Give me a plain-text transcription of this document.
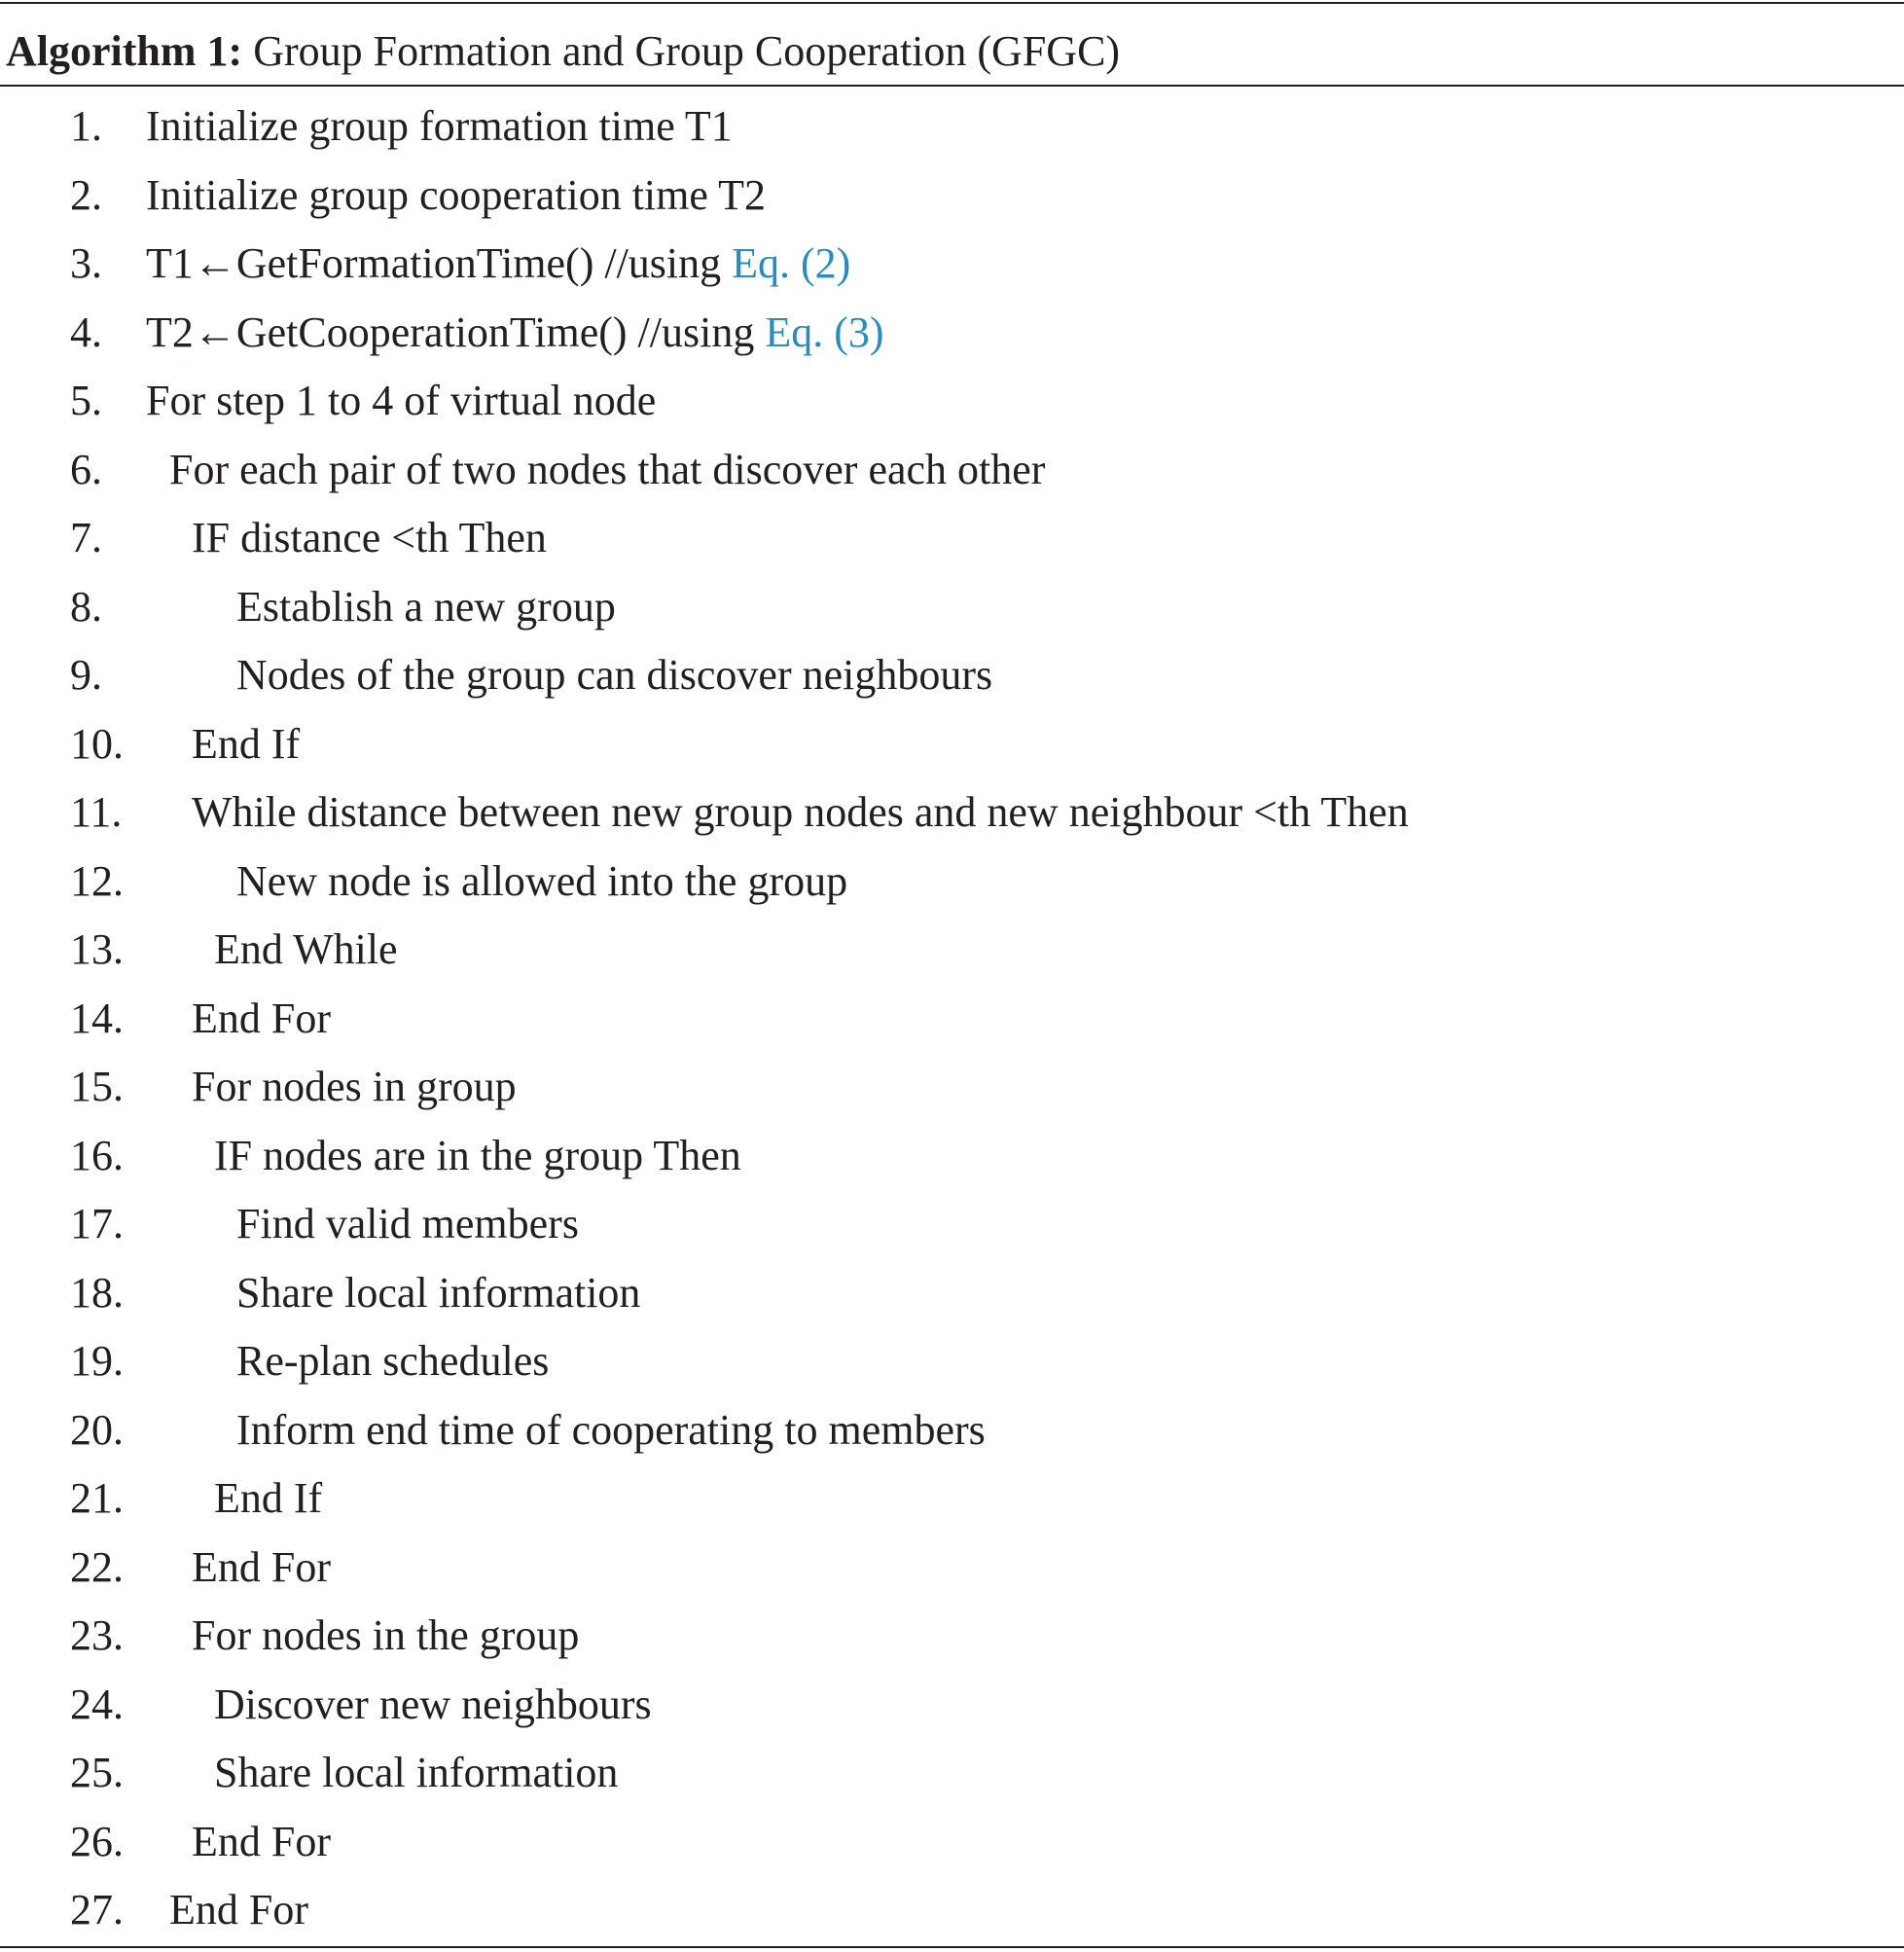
Algorithm 1: Group Formation and Group Cooperation (GFGC)
1. Initialize group formation time T1
2. Initialize group cooperation time T2
3. T1←GetFormationTime() //using Eq. (2)
4. T2←GetCooperationTime() //using Eq. (3)
5. For step 1 to 4 of virtual node
6. For each pair of two nodes that discover each other
7. IF distance <th Then
8.	Establish a new group
9.	Nodes of the group can discover neighbours
10. End If
11. While distance between new group nodes and new neighbour <th Then
12.	New node is allowed into the group
13. End While
14. End For
15. For nodes in group
16. IF nodes are in the group Then
17.	Find valid members
18.	Share local information
19.	Re-plan schedules
20.	Inform end time of cooperating to members
21. End If
22. End For
23. For nodes in the group
24. Discover new neighbours
25. Share local information
26. End For
27. End For
